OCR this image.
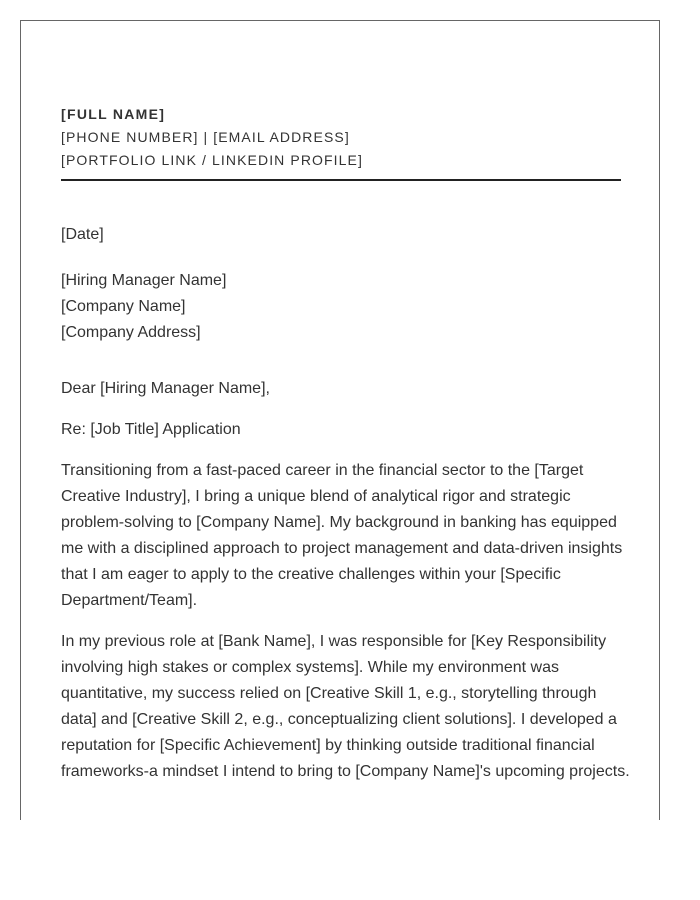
[FULL NAME]
[PHONE NUMBER] | [EMAIL ADDRESS]
[PORTFOLIO LINK / LINKEDIN PROFILE]
[Date]
[Hiring Manager Name]
[Company Name]
[Company Address]
Dear [Hiring Manager Name],
Re: [Job Title] Application
Transitioning from a fast-paced career in the financial sector to the [Target Creative Industry], I bring a unique blend of analytical rigor and strategic problem-solving to [Company Name]. My background in banking has equipped me with a disciplined approach to project management and data-driven insights that I am eager to apply to the creative challenges within your [Specific Department/Team].
In my previous role at [Bank Name], I was responsible for [Key Responsibility involving high stakes or complex systems]. While my environment was quantitative, my success relied on [Creative Skill 1, e.g., storytelling through data] and [Creative Skill 2, e.g., conceptualizing client solutions]. I developed a reputation for [Specific Achievement] by thinking outside traditional financial frameworks-a mindset I intend to bring to [Company Name]'s upcoming projects.
